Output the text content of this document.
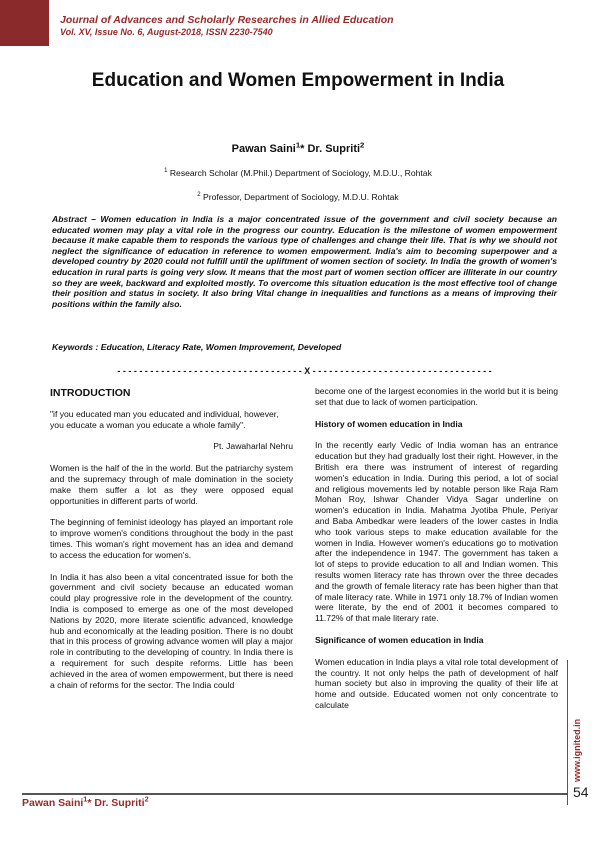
Journal of Advances and Scholarly Researches in Allied Education
Vol. XV, Issue No. 6, August-2018, ISSN 2230-7540
Education and Women Empowerment in India
Pawan Saini$^1$* Dr. Supriti$^2$
$^1$ Research Scholar (M.Phil.) Department of Sociology, M.D.U., Rohtak
$^2$ Professor, Department of Sociology, M.D.U. Rohtak

Abstract – Women education in India is a major concentrated issue of the government and civil society because an educated women may play a vital role in the progress our country. Education is the milestone of women empowerment because it make capable them to responds the various type of challenges and change their life. That is why we should not neglect the significance of education in reference to women empowerment. India's aim to becoming superpower and a developed country by 2020 could not fulfill until the upliftment of women section of society. In India the growth of women's education in rural parts is going very slow. It means that the most part of women section officer are illiterate in our country so they are week, backward and exploited mostly. To overcome this situation education is the most effective tool of change their position and status in society. It also bring Vital change in inequalities and functions as a means of improving their positions within the family also.

Keywords : Education, Literacy Rate, Women Improvement, Developed

- - - - - - - - - - - - - - - - - - - - - - - - - - - - - - - - - - X - - - - - - - - - - - - - - - - - - - - - - - - - - - - - - - - -
INTRODUCTION

"if you educated man you educated and individual, however, you educate a woman you educate a whole family".

Pt. Jawaharlal Nehru

Women is the half of the in the world. But the patriarchy system and the supremacy through of male domination in the society make them suffer a lot as they were opposed equal opportunities in different parts of world.

The beginning of feminist ideology has played an important role to improve women's conditions throughout the body in the past times. This woman's right movement has an idea and demand to access the education for women's.

In India it has also been a vital concentrated issue for both the government and civil society because an educated woman could play progressive role in the development of the country. India is composed to emerge as one of the most developed Nations by 2020, more literate scientific advanced, knowledge hub and economically at the leading position. There is no doubt that in this process of growing advance women will play a major role in contributing to the developing of country. In India there is a requirement for such despite reforms. Little has been achieved in the area of women empowerment, but there is need a chain of reforms for the sector. The India could

become one of the largest economies in the world but it is being set that due to lack of women participation.

History of women education in India

In the recently early Vedic of India woman has an entrance education but they had gradually lost their right. However, in the British era there was instrument of interest of regarding women's education in India. During this period, a lot of social and religious movements led by notable person like Raja Ram Mohan Roy, Ishwar Chander Vidya Sagar underline on women's education in India. Mahatma Jyotiba Phule, Periyar and Baba Ambedkar were leaders of the lower castes in India who took various steps to make education available for the women in India. However women's educations go to motivation after the independence in 1947. The government has taken a lot of steps to provide education to all and Indian women. This results women literacy rate has thrown over the three decades and the growth of female literacy rate has been higher than that of male literacy rate. While in 1971 only 18.7% of Indian women were literate, by the end of 2001 it becomes compared to 11.72% of that male literary rate.

Significance of women education in India

Women education in India plays a vital role total development of the country. It not only helps the path of development of half human society but also in improving the quality of their life at home and outside. Educated women not only concentrate to calculate

www.ignited.in
54
Pawan Saini$^1$* Dr. Supriti$^2$
